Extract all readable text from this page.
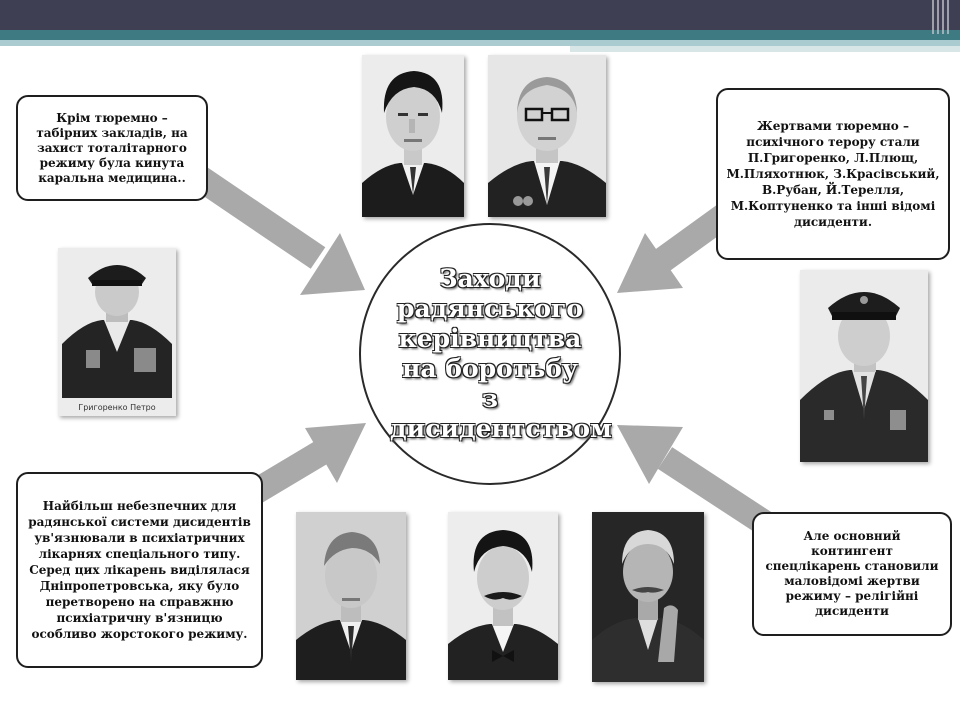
Григоренко Петро
Заходи радянського керівництва на боротьбу з дисидентством
Крім тюремно – табірних закладів, на захист тоталітарного режиму була кинута каральна медицина..
Жертвами тюремно – психічного терору стали П.Григоренко, Л.Плющ, М.Пляхотнюк, З.Красівський, В.Рубан, Й.Терелля, М.Коптуненко та інші відомі дисиденти.
Найбільш небезпечних для радянської системи дисидентів ув'язнювали в психіатричних лікарнях спеціального типу. Серед цих лікарень виділялася Дніпропетровська, яку було перетворено на справжню психіатричну в'язницю особливо жорстокого режиму.
Але основний контингент спецлікарень становили маловідомі жертви режиму – релігійні дисиденти
